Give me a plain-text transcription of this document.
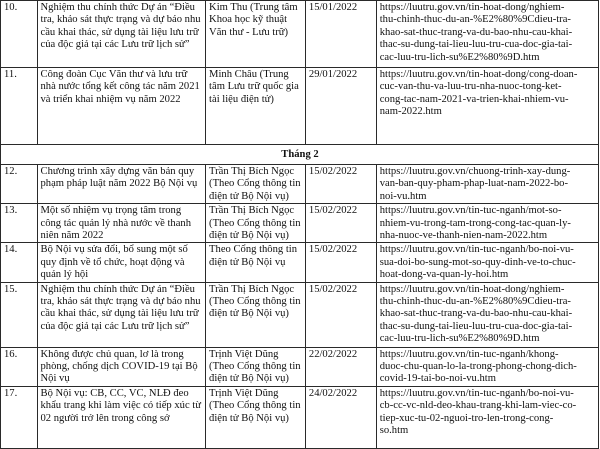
10.	Nghiệm thu chính thức Dự án “Điều tra, khảo sát thực trạng và dự báo nhu cầu khai thác, sử dụng tài liệu lưu trữ của độc giả tại các Lưu trữ lịch sử”	Kim Thu (Trung tâm Khoa học kỹ thuật Văn thư - Lưu trữ)	15/01/2022	https://luutru.gov.vn/tin-hoat-dong/nghiem-
thu-chinh-thuc-du-an-%E2%80%9Cdieu-tra-
khao-sat-thuc-trang-va-du-bao-nhu-cau-khai-
thac-su-dung-tai-lieu-luu-tru-cua-doc-gia-tai-
cac-luu-tru-lich-su%E2%80%9D.htm
11.	Công đoàn Cục Văn thư và lưu trữ nhà nước tổng kết công tác năm 2021 và triển khai nhiệm vụ năm 2022	Minh Châu (Trung tâm Lưu trữ quốc gia tài liệu điện tử)	29/01/2022	https://luutru.gov.vn/tin-hoat-dong/cong-doan-
cuc-van-thu-va-luu-tru-nha-nuoc-tong-ket-
cong-tac-nam-2021-va-trien-khai-nhiem-vu-
nam-2022.htm
Tháng 2				
12.	Chương trình xây dựng văn bản quy phạm pháp luật năm 2022 Bộ Nội vụ	Trần Thị Bích Ngọc (Theo Cổng thông tin điện tử Bộ Nội vụ)	15/02/2022	https://luutru.gov.vn/chuong-trinh-xay-dung-
van-ban-quy-pham-phap-luat-nam-2022-bo-
noi-vu.htm
13.	Một số nhiệm vụ trọng tâm trong công tác quản lý nhà nước về thanh niên năm 2022	Trần Thị Bích Ngọc (Theo Cổng thông tin điện tử Bộ Nội vụ)	15/02/2022	https://luutru.gov.vn/tin-tuc-nganh/mot-so-
nhiem-vu-trong-tam-trong-cong-tac-quan-ly-
nha-nuoc-ve-thanh-nien-nam-2022.htm
14.	Bộ Nội vụ sửa đổi, bổ sung một số quy định về tổ chức, hoạt động và quản lý hội	Theo Cổng thông tin điện tử Bộ Nội vụ	15/02/2022	https://luutru.gov.vn/tin-tuc-nganh/bo-noi-vu-
sua-doi-bo-sung-mot-so-quy-dinh-ve-to-chuc-
hoat-dong-va-quan-ly-hoi.htm
15.	Nghiệm thu chính thức Dự án “Điều tra, khảo sát thực trạng và dự báo nhu cầu khai thác, sử dụng tài liệu lưu trữ của độc giả tại các Lưu trữ lịch sử”	Trần Thị Bích Ngọc (Theo Cổng thông tin điện tử Bộ Nội vụ)	15/02/2022	https://luutru.gov.vn/tin-hoat-dong/nghiem-
thu-chinh-thuc-du-an-%E2%80%9Cdieu-tra-
khao-sat-thuc-trang-va-du-bao-nhu-cau-khai-
thac-su-dung-tai-lieu-luu-tru-cua-doc-gia-tai-
cac-luu-tru-lich-su%E2%80%9D.htm
16.	Không được chủ quan, lơ là trong phòng, chống dịch COVID-19 tại Bộ Nội vụ	Trịnh Việt Dũng (Theo Cổng thông tin điện tử Bộ Nội vụ)	22/02/2022	https://luutru.gov.vn/tin-tuc-nganh/khong-
duoc-chu-quan-lo-la-trong-phong-chong-dich-
covid-19-tai-bo-noi-vu.htm
17.	Bộ Nội vụ: CB, CC, VC, NLĐ đeo khẩu trang khi làm việc có tiếp xúc từ 02 người trở lên trong công sở	Trịnh Việt Dũng (Theo Cổng thông tin điện tử Bộ Nội vụ)	24/02/2022	https://luutru.gov.vn/tin-tuc-nganh/bo-noi-vu-
cb-cc-vc-nld-deo-khau-trang-khi-lam-viec-co-
tiep-xuc-tu-02-nguoi-tro-len-trong-cong-
so.htm
